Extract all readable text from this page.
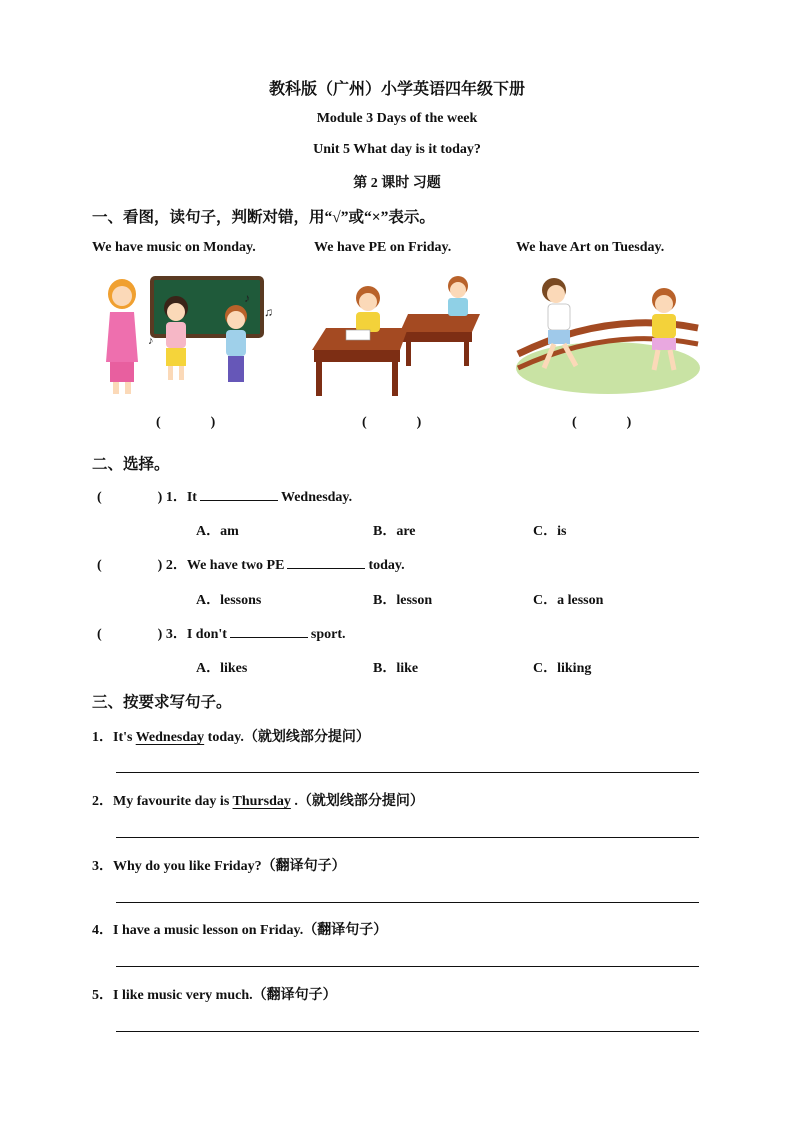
教科版（广州）小学英语四年级下册
Module 3 Days of the week
Unit 5 What day is it today?
第 2 课时 习题
一、看图，读句子，判断对错，用“√”或“×”表示。
We have music on Monday.	We have PE on Friday.	We have Art on Tuesday.
♪
♫
♪
(	)	(	)	(	)
二、选择。
(	) 1．It	Wednesday.
A．am	B．are	C．is
(	) 2．We have two PE	today.
A．lessons	B．lesson	C．a lesson
(	) 3．I don't	sport.
A．likes	B．like	C．liking
三、按要求写句子。
1．It's Wednesday today.（就划线部分提问）
2．My favourite day is Thursday .（就划线部分提问）
3．Why do you like Friday?（翻译句子）
4．I have a music lesson on Friday.（翻译句子）
5．I like music very much.（翻译句子）
